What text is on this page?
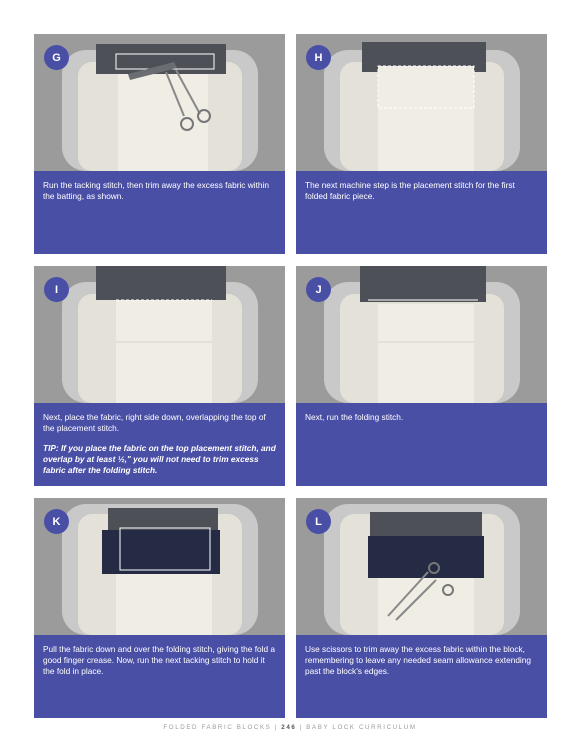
G

Run the tacking stitch, then trim away the excess fabric within the batting, as shown.

H

The next machine step is the placement stitch for the first folded fabric piece.

I

Next, place the fabric, right side down, overlapping the top of the placement stitch.

TIP: If you place the fabric on the top placement stitch, and overlap by at least ½," you will not need to trim excess fabric after the folding stitch.

J

Next, run the folding stitch.

K

Pull the fabric down and over the folding stitch, giving the fold a good finger crease. Now, run the next tacking stitch to hold it the fold in place.

L

Use scissors to trim away the excess fabric within the block, remembering to leave any needed seam allowance extending past the block's edges.

FOLDED FABRIC BLOCKS | 246 | BABY LOCK CURRICULUM
